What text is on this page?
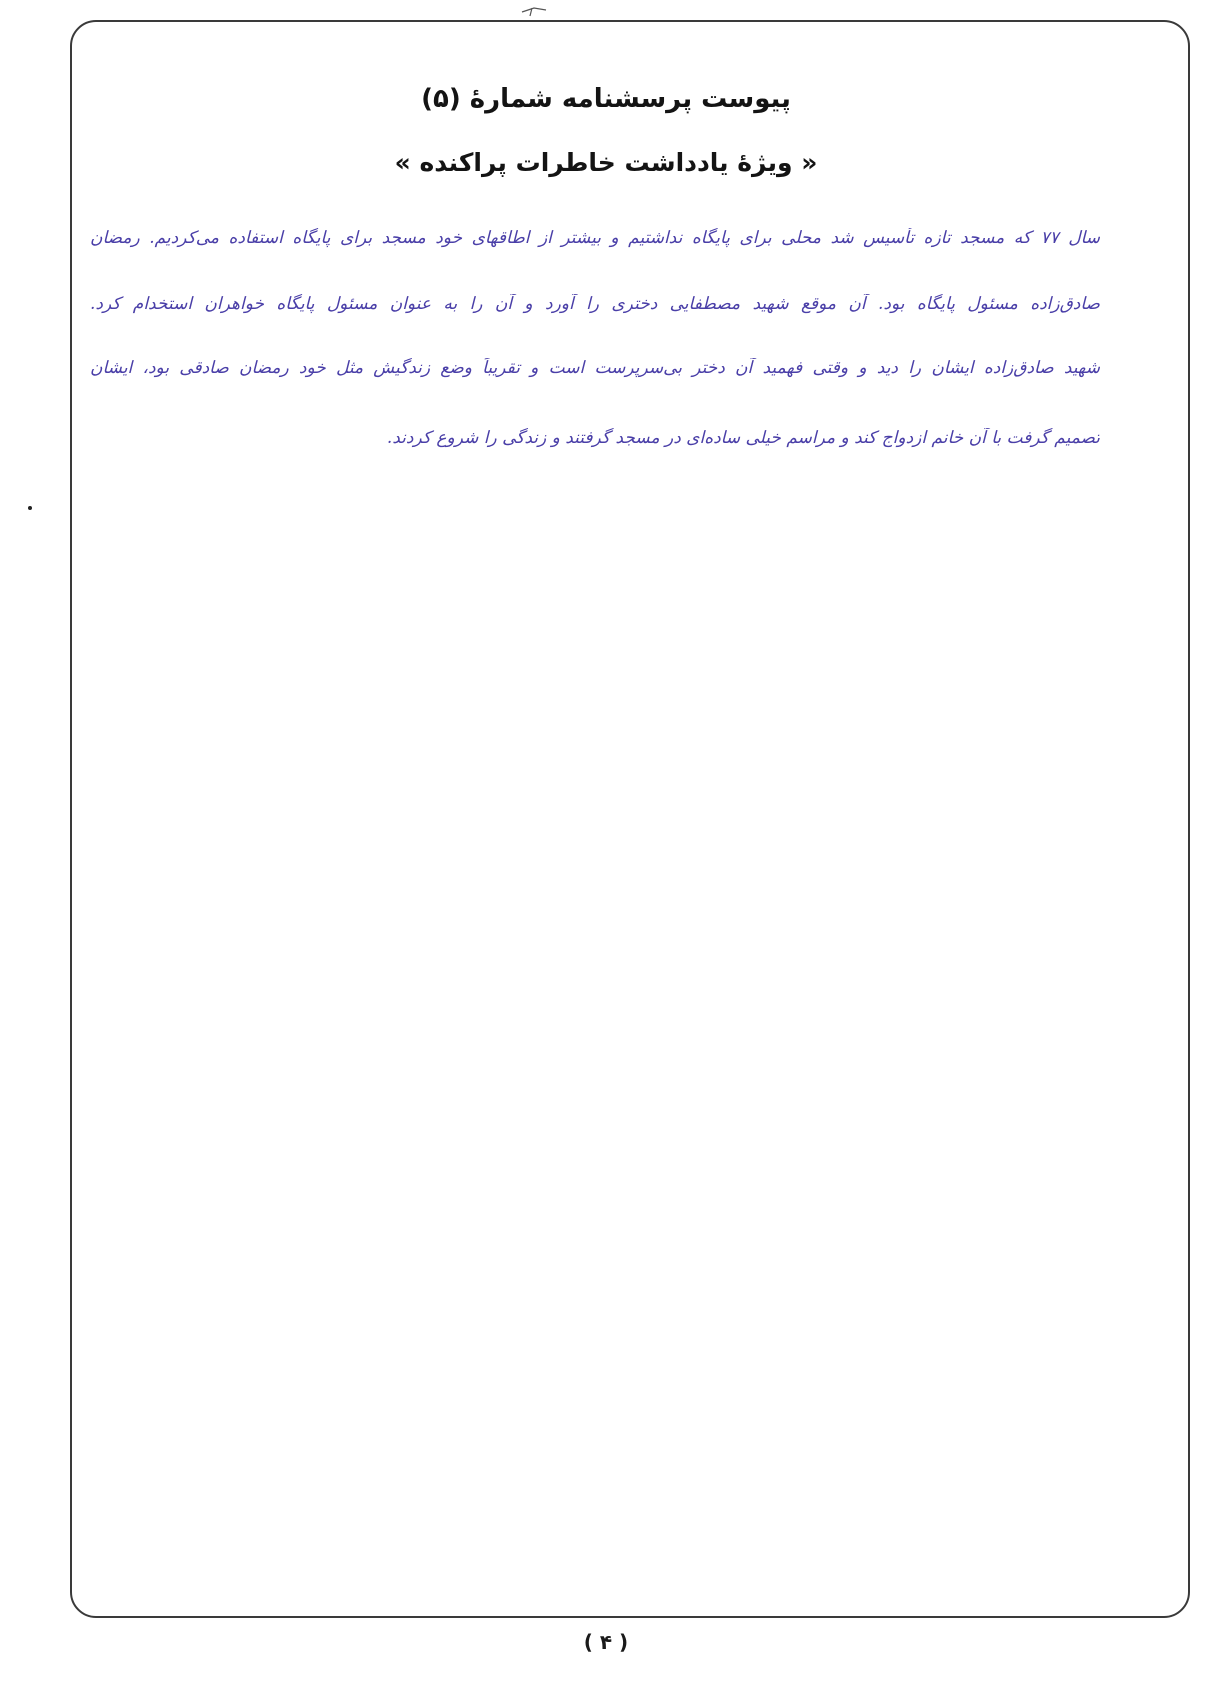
پیوست پرسشنامه شمارهٔ (۵)
« ویژهٔ یادداشت خاطرات پراکنده »
سال ۷۷ که مسجد تازه تأسیس شد محلی برای پایگاه نداشتیم و بیشتر از اطاقهای خود مسجد برای پایگاه استفاده می‌کردیم. رمضان
صادق‌زاده مسئول پایگاه بود. آن موقع شهید مصطفایی دختری را آورد و آن را به عنوان مسئول پایگاه خواهران استخدام کرد.
شهید صادق‌زاده ایشان را دید و وقتی فهمید آن دختر بی‌سرپرست است و تقریباً وضع زندگیش مثل خود رمضان صادقی بود، ایشان
تصمیم گرفت با آن خانم ازدواج کند و مراسم خیلی ساده‌ای در مسجد گرفتند و زندگی را شروع کردند.
( ۴ )
